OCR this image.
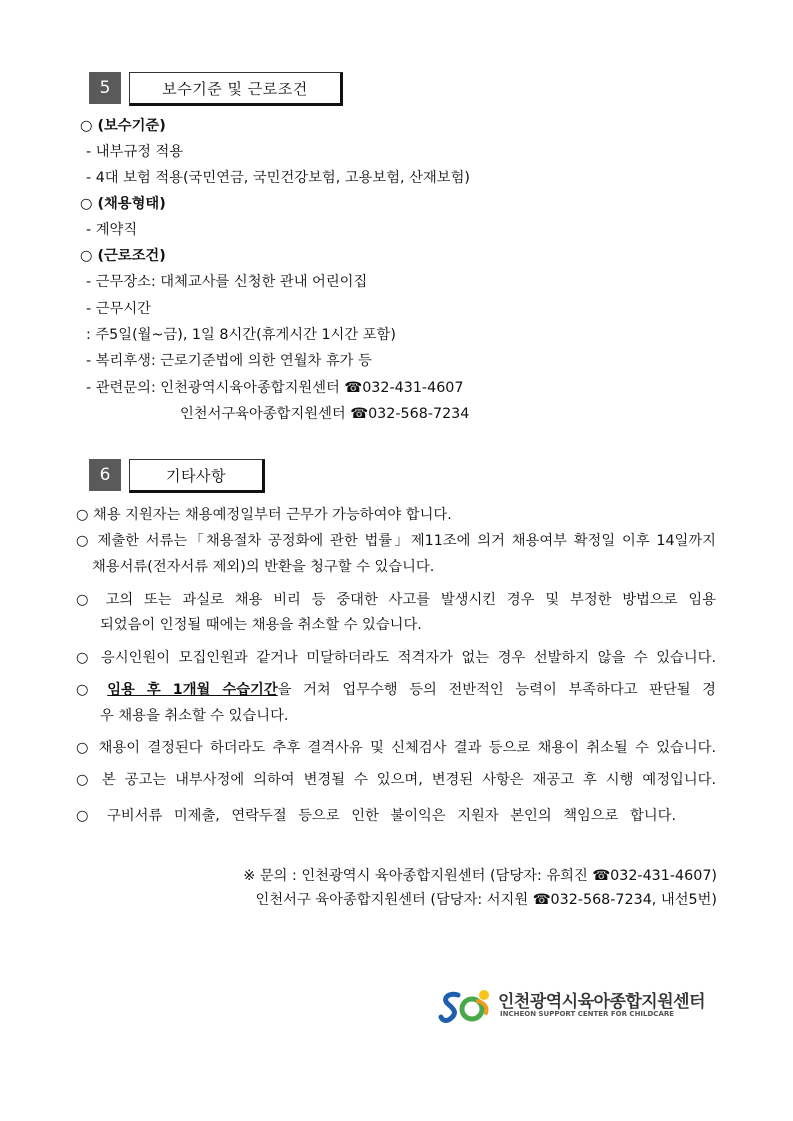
5	보수기준 및 근로조건
○ (보수기준)
- 내부규정 적용
- 4대 보험 적용(국민연금, 국민건강보험, 고용보험, 산재보험)
○ (채용형태)
- 계약직
○ (근로조건)
- 근무장소: 대체교사를 신청한 관내 어린이집
- 근무시간
: 주5일(월~금), 1일 8시간(휴게시간 1시간 포함)
- 복리후생: 근로기준법에 의한 연월차 휴가 등
- 관련문의: 인천광역시육아종합지원센터 ☎032-431-4607
인천서구육아종합지원센터 ☎032-568-7234
6	기타사항
○ 채용 지원자는 채용예정일부터 근무가 가능하여야 합니다.
○ 제출한 서류는「채용절차 공정화에 관한 법률」제11조에 의거 채용여부 확정일 이후 14일까지
채용서류(전자서류 제외)의 반환을 청구할 수 있습니다.
○ 고의 또는 과실로 채용 비리 등 중대한 사고를 발생시킨 경우 및 부정한 방법으로 임용
되었음이 인정될 때에는 채용을 취소할 수 있습니다.
○ 응시인원이 모집인원과 같거나 미달하더라도 적격자가 없는 경우 선발하지 않을 수 있습니다.
○ 임용 후 1개월 수습기간을 거쳐 업무수행 등의 전반적인 능력이 부족하다고 판단될 경
우 채용을 취소할 수 있습니다.
○ 채용이 결정된다 하더라도 추후 결격사유 및 신체검사 결과 등으로 채용이 취소될 수 있습니다.
○ 본 공고는 내부사정에 의하여 변경될 수 있으며, 변경된 사항은 재공고 후 시행 예정입니다.
○ 구비서류 미제출, 연락두절 등으로 인한 불이익은 지원자 본인의 책임으로 합니다.
※ 문의 : 인천광역시 육아종합지원센터 (담당자: 유희진 ☎032-431-4607)
인천서구 육아종합지원센터 (담당자: 서지원 ☎032-568-7234, 내선5번)
인천광역시육아종합지원센터
INCHEON SUPPORT CENTER FOR CHILDCARE
